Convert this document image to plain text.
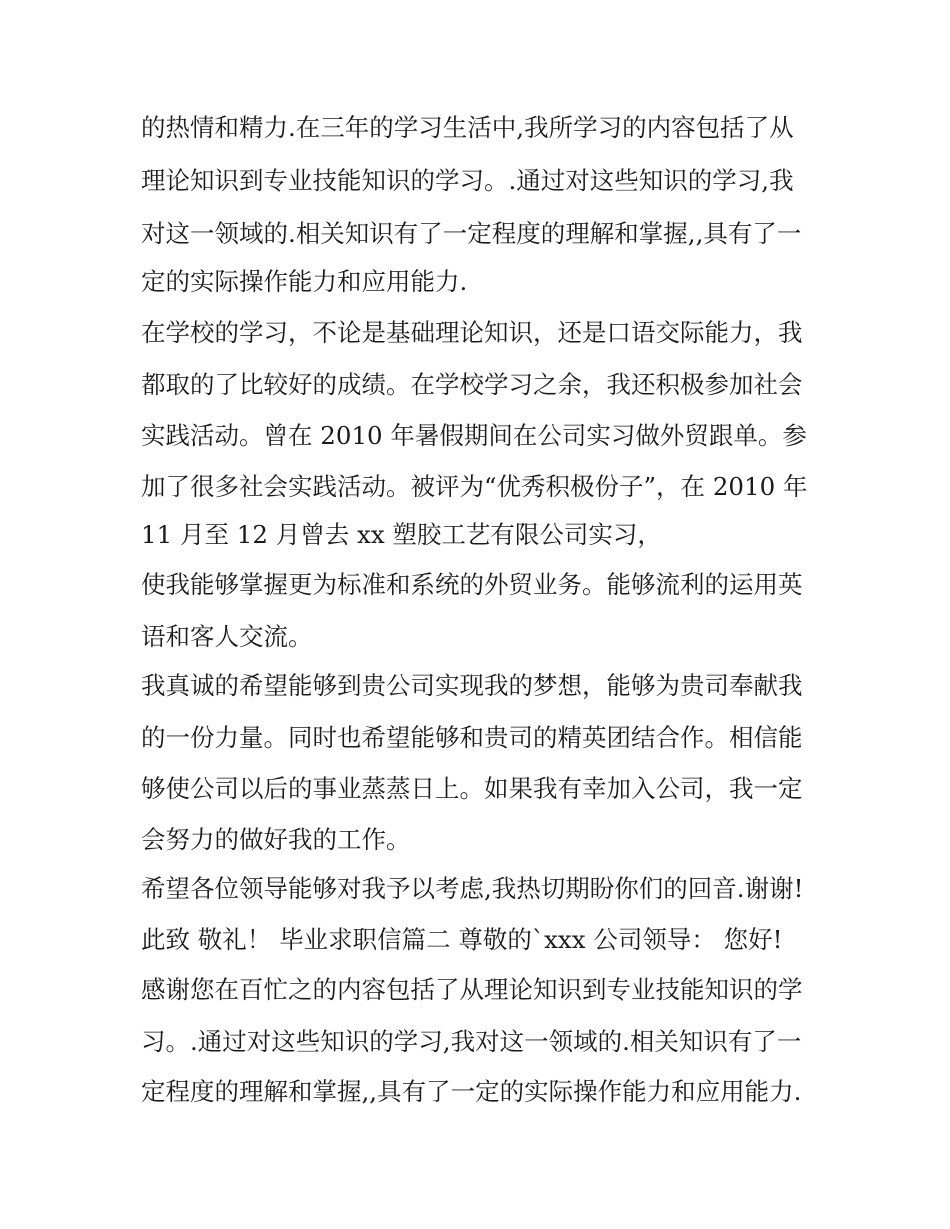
的热情和精力.在三年的学习生活中,我所学习的内容包括了从
理论知识到专业技能知识的学习。.通过对这些知识的学习,我
对这一领域的.相关知识有了一定程度的理解和掌握,,具有了一
定的实际操作能力和应用能力.
在学校的学习，不论是基础理论知识，还是口语交际能力，我
都取的了比较好的成绩。在学校学习之余，我还积极参加社会
实践活动。曾在 2010 年暑假期间在公司实习做外贸跟单。参
加了很多社会实践活动。被评为“优秀积极份子”，在 2010 年
11 月至 12 月曾去 xx 塑胶工艺有限公司实习，
使我能够掌握更为标准和系统的外贸业务。能够流利的运用英
语和客人交流。
我真诚的希望能够到贵公司实现我的梦想，能够为贵司奉献我
的一份力量。同时也希望能够和贵司的精英团结合作。相信能
够使公司以后的事业蒸蒸日上。如果我有幸加入公司，我一定
会努力的做好我的工作。
希望各位领导能够对我予以考虑,我热切期盼你们的回音.谢谢!
此致 敬礼！ 毕业求职信篇二 尊敬的`xxx 公司领导： 您好!
感谢您在百忙之的内容包括了从理论知识到专业技能知识的学
习。.通过对这些知识的学习,我对这一领域的.相关知识有了一
定程度的理解和掌握,,具有了一定的实际操作能力和应用能力.
